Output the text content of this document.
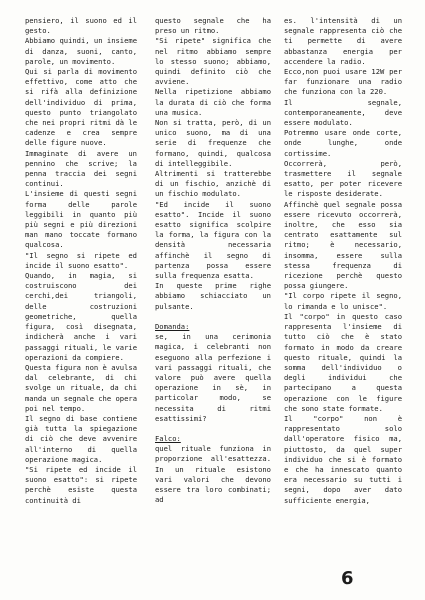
pensiero, il suono ed il gesto.

Abbiamo quindi, un insieme di danza, suoni, canto, parole, un movimento.

Qui si parla di movimento effettivo, come atto che si rifà alla definizione dell'individuo di prima, questo punto triangolato che nei propri ritmi dà le cadenze e crea sempre delle figure nuove.

Immaginate di avere un pennino che scrive; la penna traccia dei segni continui.

L'insieme di questi segni forma delle parole leggibili in quanto più più segni e più direzioni man mano toccate formano qualcosa.

"Il segno si ripete ed incide il suono esatto".

Quando, in magia, si costruiscono dei cerchi,dei triangoli, delle costruzioni geometriche, quella figura, così disegnata, indicherà anche i vari passaggi rituali, le varie operazioni da compiere.

Questa figura non è avulsa dal celebrante, di chi svolge un rituale, da chi manda un segnale che opera poi nel tempo.

Il segno di base contiene già tutta la spiegazione di ciò che deve avvenire all'interno di quella operazione magica.

"Si ripete ed incide il suono esatto": si ripete perchè esiste questa continuità di

questo segnale che ha preso un ritmo.

"Si ripete" significa che nel ritmo abbiamo sempre lo stesso suono; abbiamo, quindi definito ciò che avviene.

Nella ripetizione abbiamo la durata di ciò che forma una musica.

Non si tratta, però, di un unico suono, ma di una serie di frequenze che formano, quindi, qualcosa di intelleggibile.

Altrimenti si tratterebbe di un fischio, anzichè di un fischio modulato.

"Ed incide il suono esatto". Incide il suono esatto significa scolpire la forma, la figura con la densità necessaria affinchè il segno di partenza possa essere sulla frequenza esatta.

In queste prime righe abbiamo schiacciato un pulsante.

Domanda:

se, in una cerimonia magica, i celebranti non eseguono alla perfezione i vari passaggi rituali, che valore può avere quella operazione in sè, in particolar modo, se necessita di ritmi esattissimi?

Falco:

quel rituale funziona in proporzione all'esattezza. In un rituale esistono vari valori che devono essere tra loro combinati; ad

es. l'intensità di un segnale rappresenta ciò che ti permette di avere abbastanza energia per accendere la radio.

Ecco,non puoi usare 12W per far funzionare una radio che funziona con la 220.

Il segnale, contemporaneamente, deve essere modulato.

Potremmo usare onde corte, onde lunghe, onde cortissime.

Occorrerà, però, trasmettere il segnale esatto, per poter ricevere le risposte desiderate.

Affinchè quel segnale possa essere ricevuto occorrerà, inoltre, che esso sia centrato esattamente sul ritmo; è necessario, insomma, essere sulla stessa frequenza di ricezione perchè questo possa giungere.

"Il corpo ripete il segno, lo rimanda e lo unisce".

Il "corpo" in questo caso rappresenta l'insieme di tutto ciò che è stato formato in modo da creare questo rituale, quindi la somma dell'individuo o degli individui che partecipano a questa operazione con le figure che sono state formate.

Il "corpo" non è rappresentato solo dall'operatore fisico ma, piuttosto, da quel super individuo che si è formato e che ha innescato quanto era necessario su tutti i segni, dopo aver dato sufficiente energia,

6
